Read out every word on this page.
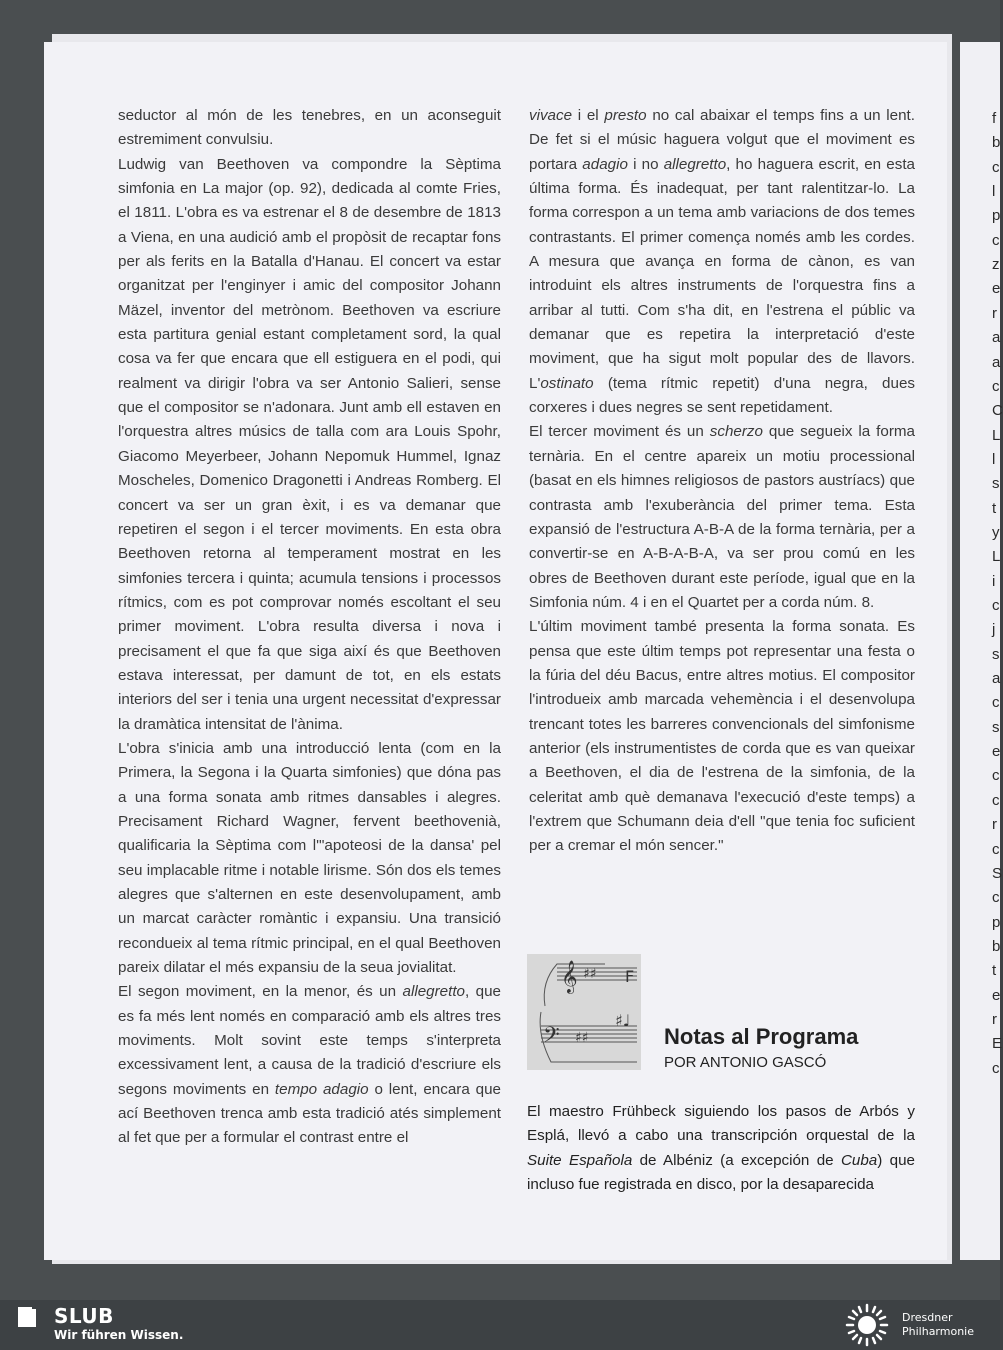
f
b
c
l
p
c
z
e
r
a
a
c
C
L
l
s
t
y
L
i
c
j
s
a
c
s
e
c
c
r
c
S
c
p
b
t
e
r
E
c

seductor al món de les tenebres, en un aconseguit estremiment convulsiu.

Ludwig van Beethoven va compondre la Sèptima simfonia en La major (op. 92), dedicada al comte Fries, el 1811. L'obra es va estrenar el 8 de desembre de 1813 a Viena, en una audició amb el propòsit de recaptar fons per als ferits en la Batalla d'Hanau. El concert va estar organitzat per l'enginyer i amic del compositor Johann Mäzel, inventor del metrònom. Beethoven va escriure esta partitura genial estant completament sord, la qual cosa va fer que encara que ell estiguera en el podi, qui realment va dirigir l'obra va ser Antonio Salieri, sense que el compositor se n'adonara. Junt amb ell estaven en l'orquestra altres músics de talla com ara Louis Spohr, Giacomo Meyerbeer, Johann Nepomuk Hummel, Ignaz Moscheles, Domenico Dragonetti i Andreas Romberg. El concert va ser un gran èxit, i es va demanar que repetiren el segon i el tercer moviments. En esta obra Beethoven retorna al temperament mostrat en les simfonies tercera i quinta; acumula tensions i processos rítmics, com es pot comprovar només escoltant el seu primer moviment. L'obra resulta diversa i nova i precisament el que fa que siga així és que Beethoven estava interessat, per damunt de tot, en els estats interiors del ser i tenia una urgent necessitat d'expressar la dramàtica intensitat de l'ànima.

L'obra s'inicia amb una introducció lenta (com en la Primera, la Segona i la Quarta simfonies) que dóna pas a una forma sonata amb ritmes dansables i alegres. Precisament Richard Wagner, fervent beethovenià, qualificaria la Sèptima com l'"apoteosi de la dansa' pel seu implacable ritme i notable lirisme. Són dos els temes alegres que s'alternen en este desenvolupament, amb un marcat caràcter romàntic i expansiu. Una transició recondueix al tema rítmic principal, en el qual Beethoven pareix dilatar el més expansiu de la seua jovialitat.

El segon moviment, en la menor, és un allegretto, que es fa més lent només en comparació amb els altres tres moviments. Molt sovint este temps s'interpreta excessivament lent, a causa de la tradició d'escriure els segons moviments en tempo adagio o lent, encara que ací Beethoven trenca amb esta tradició atés simplement al fet que per a formular el contrast entre el

vivace i el presto no cal abaixar el temps fins a un lent. De fet si el músic haguera volgut que el moviment es portara adagio i no allegretto, ho haguera escrit, en esta última forma. És inadequat, per tant ralentitzar-lo. La forma correspon a un tema amb variacions de dos temes contrastants. El primer comença només amb les cordes. A mesura que avança en forma de cànon, es van introduint els altres instruments de l'orquestra fins a arribar al tutti. Com s'ha dit, en l'estrena el públic va demanar que es repetira la interpretació d'este moviment, que ha sigut molt popular des de llavors. L'ostinato (tema rítmic repetit) d'una negra, dues corxeres i dues negres se sent repetidament.

El tercer moviment és un scherzo que segueix la forma ternària. En el centre apareix un motiu processional (basat en els himnes religiosos de pastors austríacs) que contrasta amb l'exuberància del primer tema. Esta expansió de l'estructura A-B-A de la forma ternària, per a convertir-se en A-B-A-B-A, va ser prou comú en les obres de Beethoven durant este període, igual que en la Simfonia núm. 4 i en el Quartet per a corda núm. 8.

L'últim moviment també presenta la forma sonata. Es pensa que este últim temps pot representar una festa o la fúria del déu Bacus, entre altres motius. El compositor l'introdueix amb marcada vehemència i el desenvolupa trencant totes les barreres convencionals del simfonisme anterior (els instrumentistes de corda que es van queixar a Beethoven, el dia de l'estrena de la simfonia, de la celeritat amb què demanava l'execució d'este temps) a l'extrem que Schumann deia d'ell "que tenia foc suficient per a cremar el món sencer."

𝄞 ♯♯ F
𝄢 ♯♯
♯♩
Notas al Programa
POR ANTONIO GASCÓ

El maestro Frühbeck siguiendo los pasos de Arbós y Esplá, llevó a cabo una transcripción orquestal de la Suite Española de Albéniz (a excepción de Cuba) que incluso fue registrada en disco, por la desaparecida

SLUB
Wir führen Wissen.
Dresdner
Philharmonie
